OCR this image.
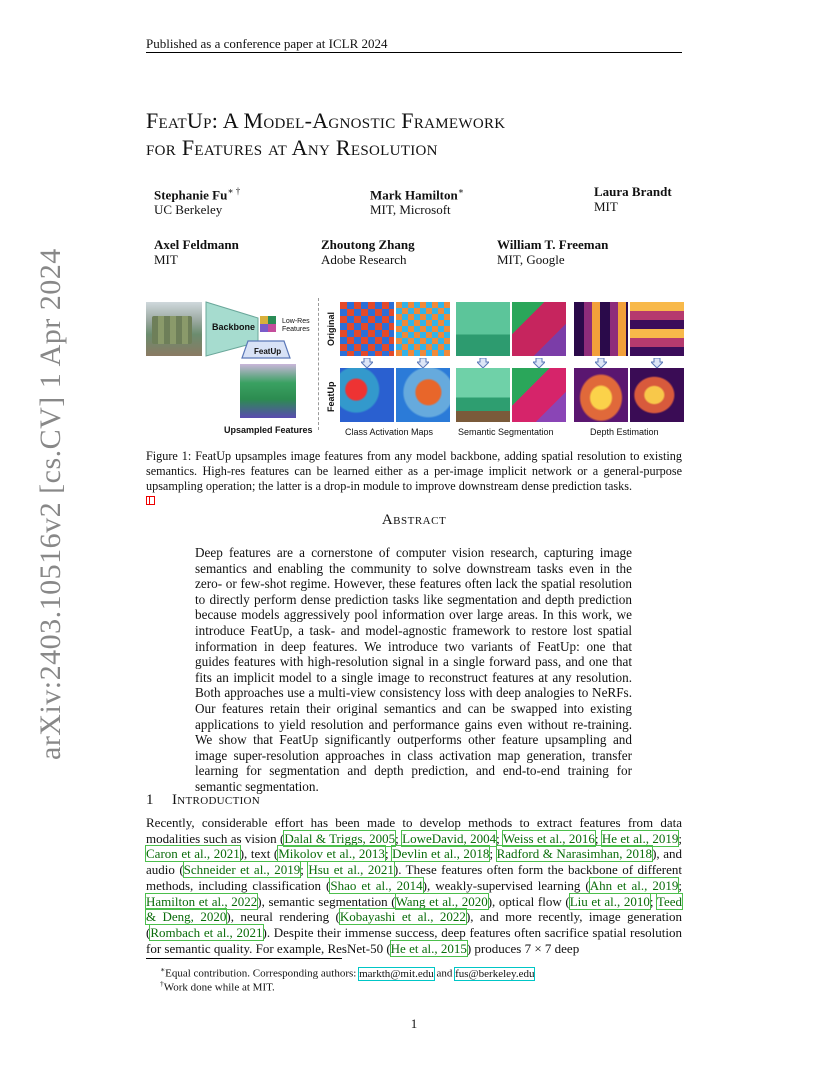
Published as a conference paper at ICLR 2024
FeatUp: A Model-Agnostic Framework
for Features at Any Resolution
Stephanie Fu∗ †
UC Berkeley
Mark Hamilton∗
MIT, Microsoft
Laura Brandt
MIT
Axel Feldmann
MIT
Zhoutong Zhang
Adobe Research
William T. Freeman
MIT, Google
arXiv:2403.10516v2 [cs.CV] 1 Apr 2024	Backbone
Low-Res
Features
FeatUp
Upsampled Features
Original
FeatUp
Class Activation Maps	Semantic Segmentation	Depth Estimation
Figure 1: FeatUp upsamples image features from any model backbone, adding spatial resolution to existing semantics. High-res features can be learned either as a per-image implicit network or a general-purpose upsampling operation; the latter is a drop-in module to improve downstream dense prediction tasks.
Abstract
Deep features are a cornerstone of computer vision research, capturing image semantics and enabling the community to solve downstream tasks even in the zero- or few-shot regime. However, these features often lack the spatial resolution to directly perform dense prediction tasks like segmentation and depth prediction because models aggressively pool information over large areas. In this work, we introduce FeatUp, a task- and model-agnostic framework to restore lost spatial information in deep features. We introduce two variants of FeatUp: one that guides features with high-resolution signal in a single forward pass, and one that fits an implicit model to a single image to reconstruct features at any resolution. Both approaches use a multi-view consistency loss with deep analogies to NeRFs. Our features retain their original semantics and can be swapped into existing applications to yield resolution and performance gains even without re-training. We show that FeatUp significantly outperforms other feature upsampling and image super-resolution approaches in class activation map generation, transfer learning for segmentation and depth prediction, and end-to-end training for semantic segmentation.
1 Introduction
Recently, considerable effort has been made to develop methods to extract features from data modalities such as vision (Dalal & Triggs, 2005; LoweDavid, 2004; Weiss et al., 2016; He et al., 2019; Caron et al., 2021), text (Mikolov et al., 2013; Devlin et al., 2018; Radford & Narasimhan, 2018), and audio (Schneider et al., 2019; Hsu et al., 2021). These features often form the backbone of different methods, including classification (Shao et al., 2014), weakly-supervised learning (Ahn et al., 2019; Hamilton et al., 2022), semantic segmentation (Wang et al., 2020), optical flow (Liu et al., 2010; Teed & Deng, 2020), neural rendering (Kobayashi et al., 2022), and more recently, image generation (Rombach et al., 2021). Despite their immense success, deep features often sacrifice spatial resolution for semantic quality. For example, ResNet-50 (He et al., 2015) produces 7 × 7 deep
∗Equal contribution. Corresponding authors: markth@mit.edu and fus@berkeley.edu
†Work done while at MIT.
1
